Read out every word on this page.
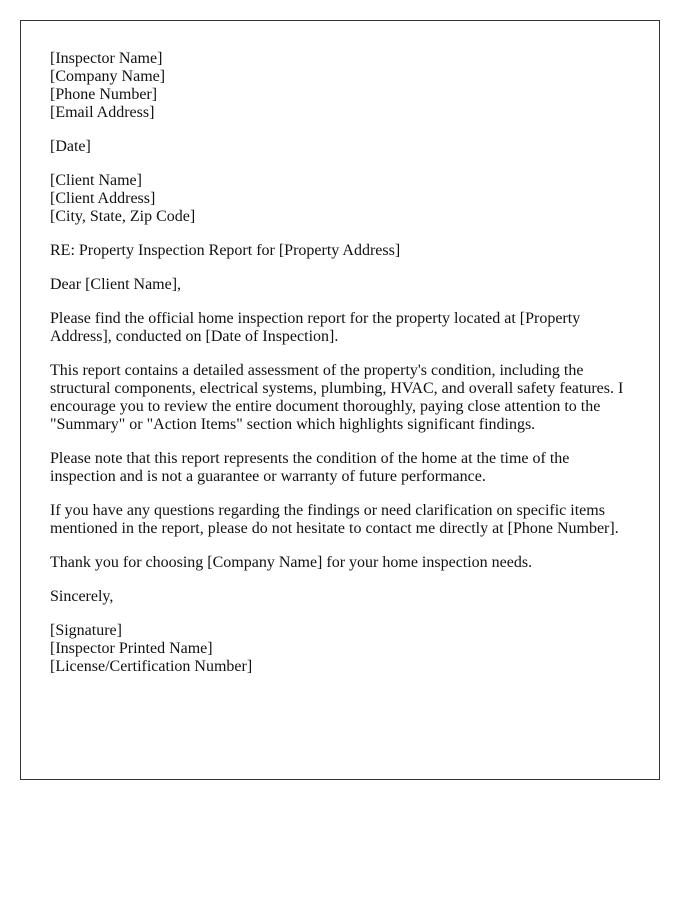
[Inspector Name]
[Company Name]
[Phone Number]
[Email Address]
[Date]
[Client Name]
[Client Address]
[City, State, Zip Code]

RE: Property Inspection Report for [Property Address]

Dear [Client Name],

Please find the official home inspection report for the property located at [Property Address], conducted on [Date of Inspection].

This report contains a detailed assessment of the property's condition, including the structural components, electrical systems, plumbing, HVAC, and overall safety features. I encourage you to review the entire document thoroughly, paying close attention to the "Summary" or "Action Items" section which highlights significant findings.

Please note that this report represents the condition of the home at the time of the inspection and is not a guarantee or warranty of future performance.

If you have any questions regarding the findings or need clarification on specific items mentioned in the report, please do not hesitate to contact me directly at [Phone Number].

Thank you for choosing [Company Name] for your home inspection needs.

Sincerely,

[Signature]
[Inspector Printed Name]
[License/Certification Number]
